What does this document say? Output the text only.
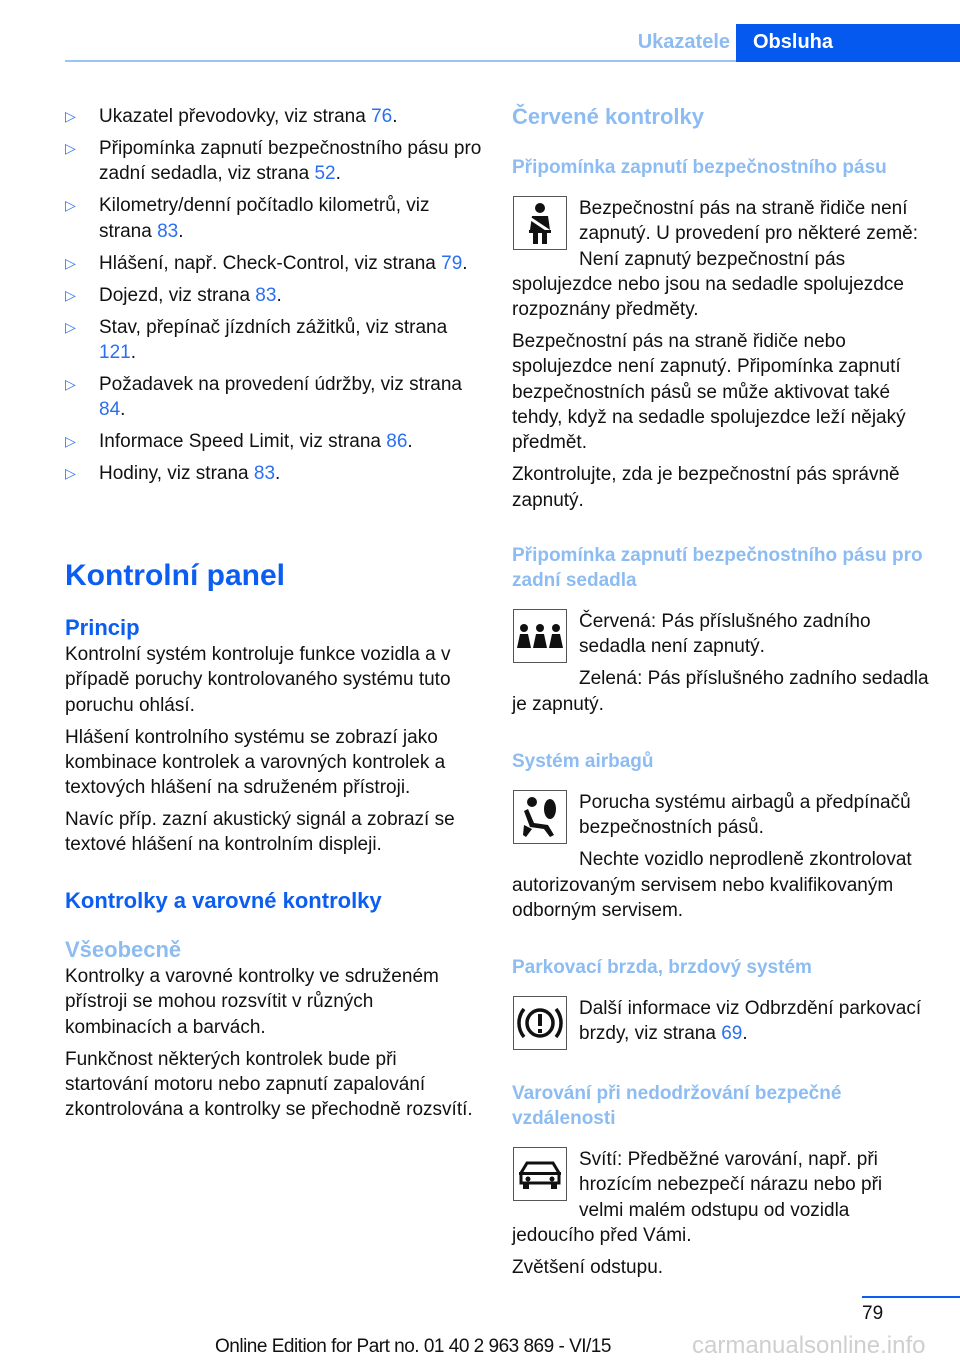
Ukazatele	Obsluha
▷ Ukazatel převodovky, viz strana 76.
▷ Připomínka zapnutí bezpečnostního pásu pro zadní sedadla, viz strana 52.
▷ Kilometry/denní počítadlo kilometrů, viz strana 83.
▷ Hlášení, např. Check-Control, viz strana 79.
▷ Dojezd, viz strana 83.
▷ Stav, přepínač jízdních zážitků, viz strana 121.
▷ Požadavek na provedení údržby, viz strana 84.
▷ Informace Speed Limit, viz strana 86.
▷ Hodiny, viz strana 83.
Kontrolní panel
Princip

Kontrolní systém kontroluje funkce vozidla a v případě poruchy kontrolovaného systému tuto poruchu ohlásí.

Hlášení kontrolního systému se zobrazí jako kombinace kontrolek a varovných kontrolek a textových hlášení na sdruženém přístroji.

Navíc příp. zazní akustický signál a zobrazí se textové hlášení na kontrolním displeji.

Kontrolky a varovné kontrolky
Všeobecně

Kontrolky a varovné kontrolky ve sdruženém přístroji se mohou rozsvítit v různých kombinacích a barvách.

Funkčnost některých kontrolek bude při startování motoru nebo zapnutí zapalování zkontrolována a kontrolky se přechodně rozsvítí.

Červené kontrolky
Připomínka zapnutí bezpečnostního pásu

Bezpečnostní pás na straně řidiče není zapnutý. U provedení pro některé země: Není zapnutý bezpečnostní pás spolujezdce nebo jsou na sedadle spolujezdce rozpoznány předměty.

Bezpečnostní pás na straně řidiče nebo spolujezdce není zapnutý. Připomínka zapnutí bezpečnostních pásů se může aktivovat také tehdy, když na sedadle spolujezdce leží nějaký předmět.

Zkontrolujte, zda je bezpečnostní pás správně zapnutý.

Připomínka zapnutí bezpečnostního pásu pro zadní sedadla

Červená: Pás příslušného zadního sedadla není zapnutý.

Zelená: Pás příslušného zadního sedadla je zapnutý.

Systém airbagů

Porucha systému airbagů a předpínačů bezpečnostních pásů.

Nechte vozidlo neprodleně zkontrolovat autorizovaným servisem nebo kvalifikovaným odborným servisem.

Parkovací brzda, brzdový systém

Další informace viz Odbrzdění parkovací brzdy, viz strana 69.

Varování při nedodržování bezpečné vzdálenosti

Svítí: Předběžné varování, např. při hrozícím nebezpečí nárazu nebo při velmi malém odstupu od vozidla jedoucího před Vámi.

Zvětšení odstupu.

79
Online Edition for Part no. 01 40 2 963 869 - VI/15	carmanualsonline.info
